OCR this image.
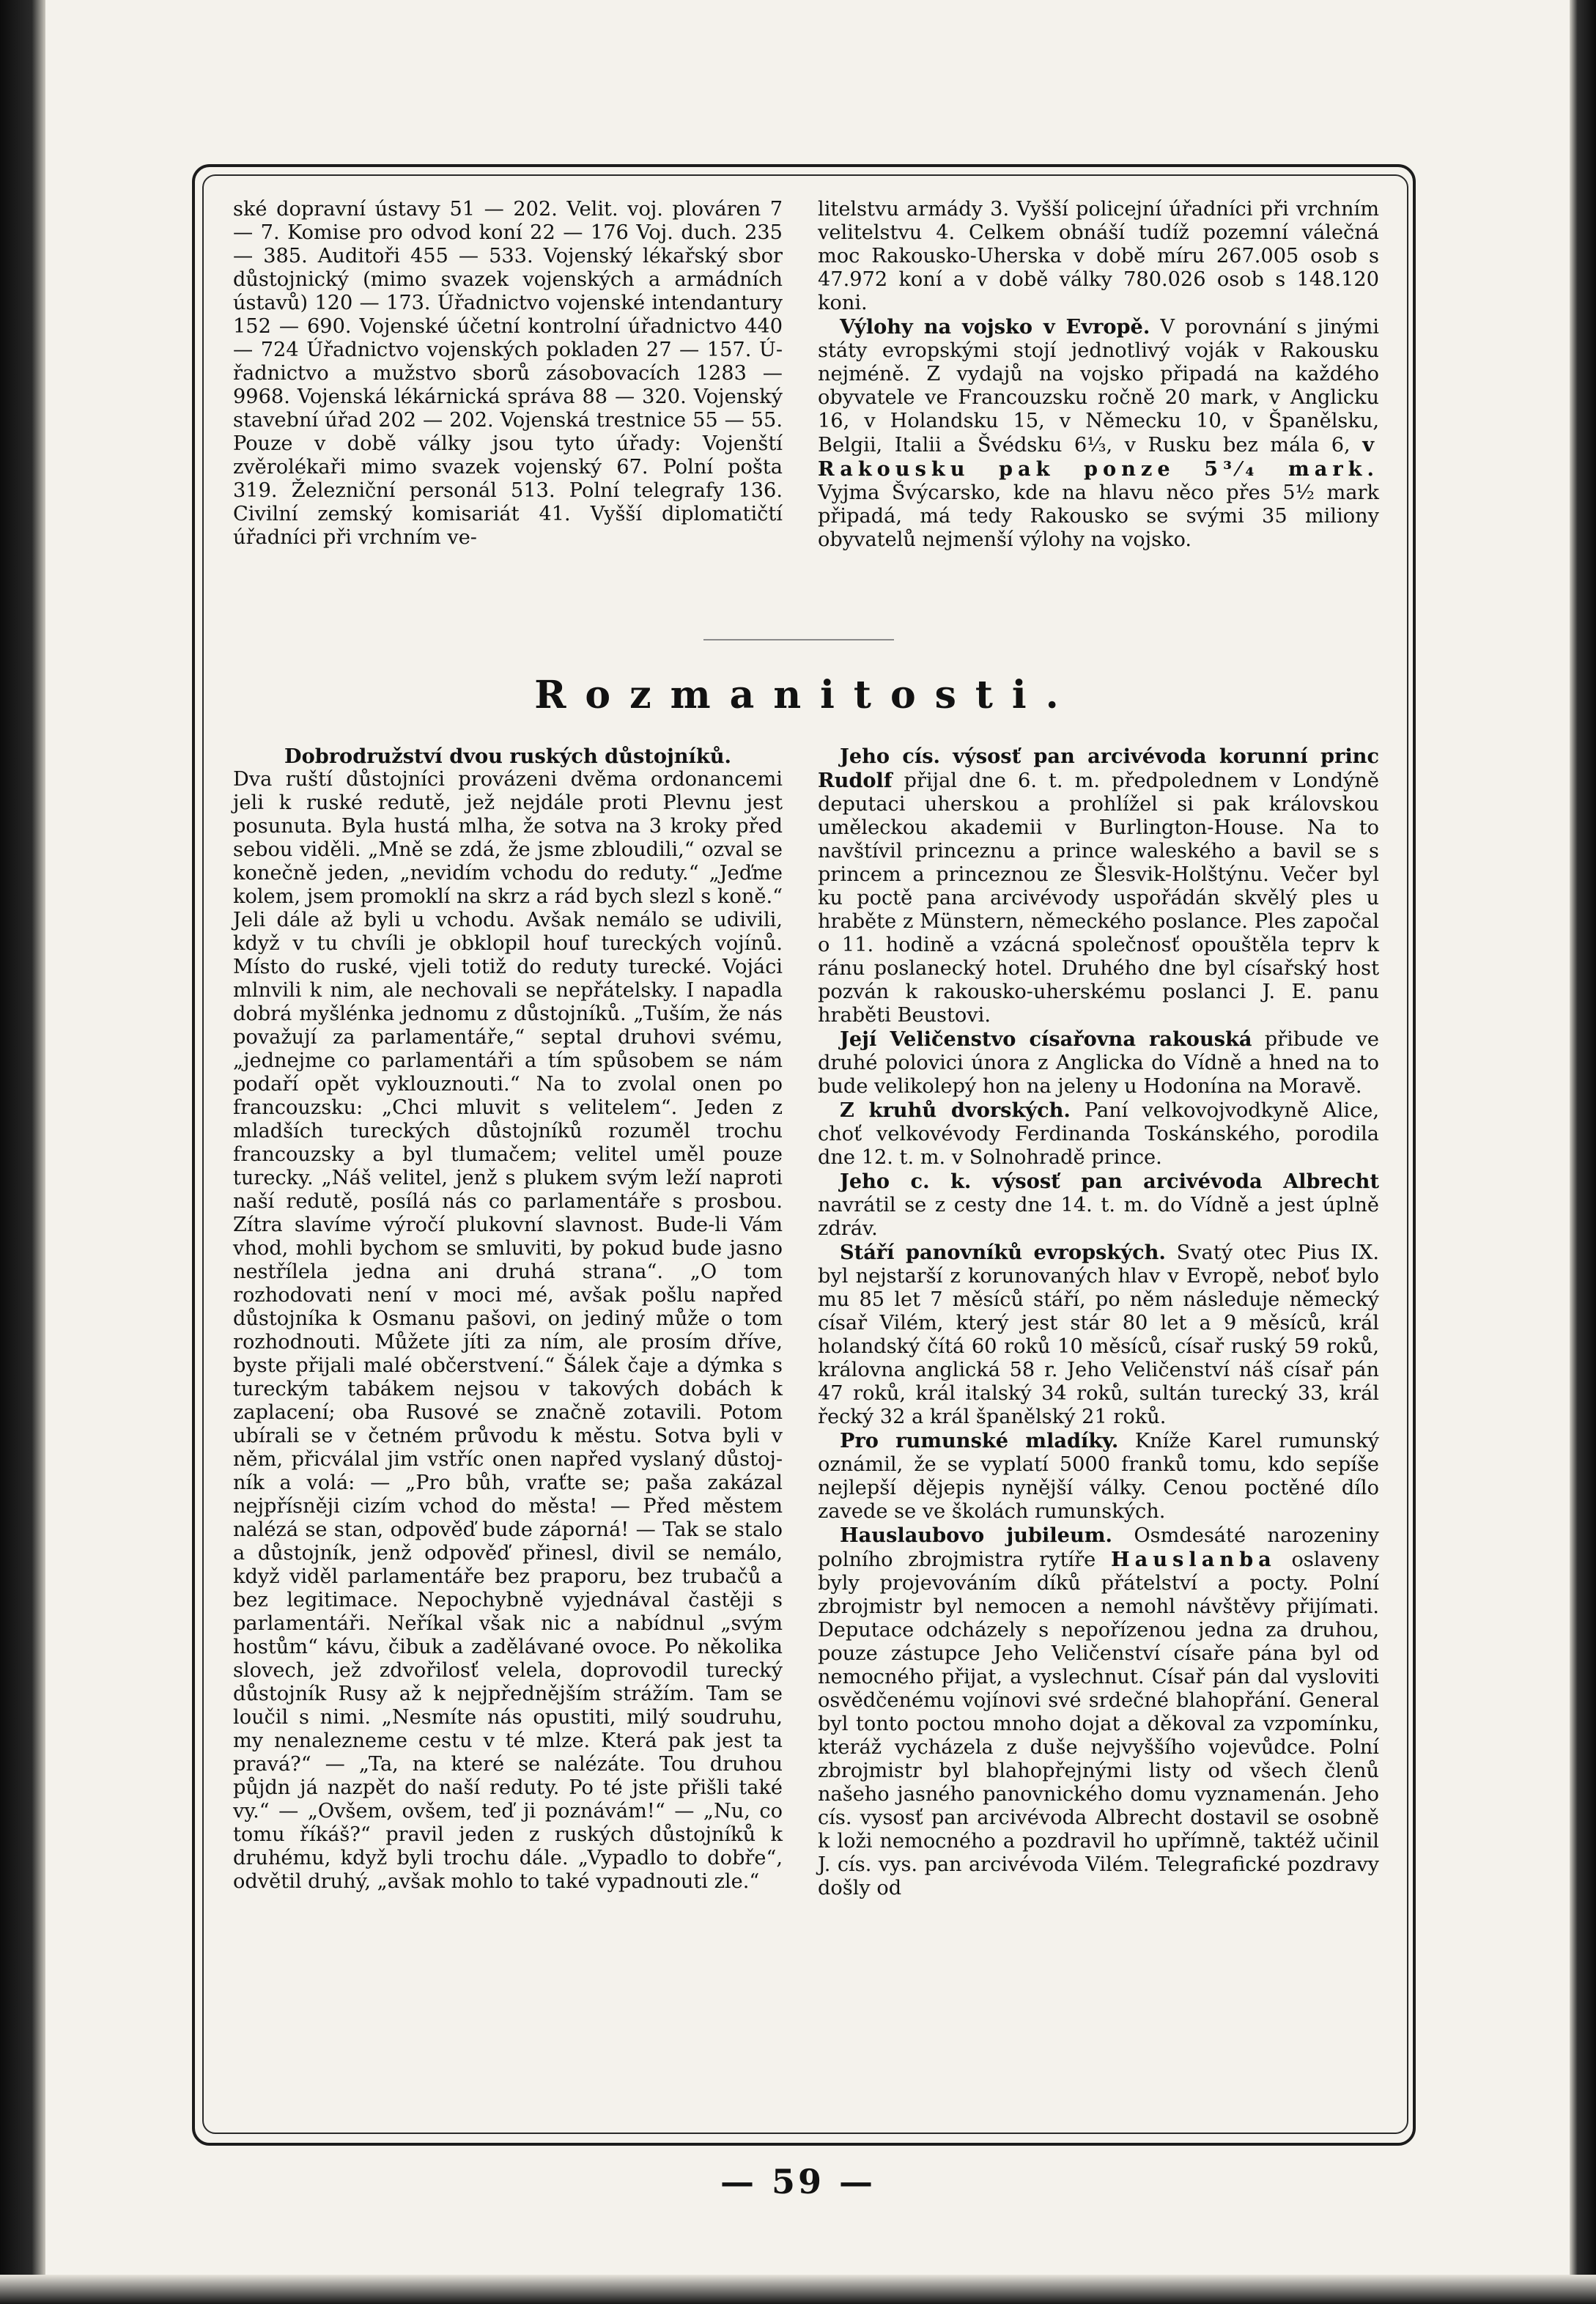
ské dopravní ústavy 51 — 202. Velit. voj. plováren 7 — 7. Komise pro odvod koní 22 — 176 Voj. duch. 235 — 385. Auditoři 455 — 533. Vojenský lékařský sbor důstojnický (mimo svazek vojenských a armádních ústavů) 120 — 173. Úřadnictvo vojenské intendantury 152 — 690. Vojenské účetní kontrolní úřadnictvo 440 — 724 Úřadnictvo vojenských pokladen 27 — 157. Úřadnictvo a mužstvo sborů zásobovacích 1283 — 9968. Vojenská lékárnická správa 88 — 320. Vojenský stavební úřad 202 — 202. Vojenská trestnice 55 — 55. Pouze v době války jsou tyto úřady: Vojenští zvěrolékaři mimo svazek vojenský 67. Polní pošta 319. Železniční personál 513. Polní telegrafy 136. Civilní zemský komisariát 41. Vyšší diplomatičtí úřadníci při vrchním ve-

litelstvu armády 3. Vyšší policejní úřadníci při vrchním velitelstvu 4. Celkem obnáší tudíž pozemní válečná moc Rakousko-Uherska v době míru 267.005 osob s 47.972 koní a v době války 780.026 osob s 148.120 koni.

Výlohy na vojsko v Evropě. V porovnání s jinými státy evropskými stojí jednotlivý voják v Rakousku nejméně. Z vydajů na vojsko připadá na každého obyvatele ve Francouzsku ročně 20 mark, v Anglicku 16, v Holandsku 15, v Německu 10, v Španělsku, Belgii, Italii a Švédsku 6¹⁄₃, v Rusku bez mála 6, v Rakousku pak ponze 5³⁄₄ mark. Vyjma Švýcarsko, kde na hlavu něco přes 5¹⁄₂ mark připadá, má tedy Rakousko se svými 35 miliony obyvatelů nejmenší výlohy na vojsko.

Rozmanitosti.

Dobrodružství dvou ruských důstojníků.

Dva ruští důstojníci provázeni dvěma ordonancemi jeli k ruské redutě, jež nejdále proti Plevnu jest posunuta. Byla hustá mlha, že sotva na 3 kroky před sebou viděli. „Mně se zdá, že jsme zbloudili,“ ozval se konečně jeden, „nevidím vchodu do reduty.“ „Jeďme kolem, jsem promoklí na skrz a rád bych slezl s koně.“ Jeli dále až byli u vchodu. Avšak nemálo se udivili, když v tu chvíli je obklopil houf tureckých vojínů. Místo do ruské, vjeli totiž do reduty turecké. Vojáci mlnvili k nim, ale nechovali se nepřátelsky. I napadla dobrá myšlénka jednomu z důstojníků. „Tuším, že nás považují za parlamentáře,“ septal druhovi svému, „jednejme co parlamentáři a tím spůsobem se nám podaří opět vyklouznouti.“ Na to zvolal onen po francouzsku: „Chci mluvit s velitelem“. Jeden z mladších tureckých důstojníků rozuměl trochu francouzsky a byl tlumačem; velitel uměl pouze turecky. „Náš velitel, jenž s plukem svým leží naproti naší redutě, posílá nás co parlamentáře s prosbou. Zítra slavíme výročí plukovní slavnost. Bude-li Vám vhod, mohli bychom se smluviti, by pokud bude jasno nestřílela jedna ani druhá strana“. „O tom rozhodovati není v moci mé, avšak pošlu napřed důstojníka k Osmanu pašovi, on jediný může o tom rozhodnouti. Můžete jíti za ním, ale prosím dříve, byste přijali malé občerstvení.“ Šálek čaje a dýmka s tureckým tabákem nejsou v takových dobách k zaplacení; oba Rusové se značně zotavili. Potom ubírali se v četném průvodu k městu. Sotva byli v něm, přicválal jim vstříc onen napřed vyslaný důstojník a volá: — „Pro bůh, vraťte se; paša zakázal nejpřísněji cizím vchod do města! — Před městem nalézá se stan, odpověď bude záporná! — Tak se stalo a důstojník, jenž odpověď přinesl, divil se nemálo, když viděl parlamentáře bez praporu, bez trubačů a bez legitimace. Nepochybně vyjednával častěji s parlamentáři. Neříkal však nic a nabídnul „svým hostům“ kávu, čibuk a zadělávané ovoce. Po několika slovech, jež zdvořilosť velela, doprovodil turecký důstojník Rusy až k nejpřednějším strážím. Tam se loučil s nimi. „Nesmíte nás opustiti, milý soudruhu, my nenalezneme cestu v té mlze. Která pak jest ta pravá?“ — „Ta, na které se nalézáte. Tou druhou půjdn já nazpět do naší reduty. Po té jste přišli také vy.“ — „Ovšem, ovšem, teď ji poznávám!“ — „Nu, co tomu říkáš?“ pravil jeden z ruských důstojníků k druhému, když byli trochu dále. „Vypadlo to dobře“, odvětil druhý, „avšak mohlo to také vypadnouti zle.“

Jeho cís. výsosť pan arcivévoda korunní princ Rudolf přijal dne 6. t. m. předpolednem v Londýně deputaci uherskou a prohlížel si pak královskou uměleckou akademii v Burlington-House. Na to navštívil princeznu a prince waleského a bavil se s princem a princeznou ze Šlesvik-Holštýnu. Večer byl ku poctě pana arcivévody uspořádán skvělý ples u hraběte z Münstern, německého poslance. Ples započal o 11. hodině a vzácná společnosť opouštěla teprv k ránu poslanecký hotel. Druhého dne byl císařský host pozván k rakousko-uherskému poslanci J. E. panu hraběti Beustovi.

Její Veličenstvo císařovna rakouská přibude ve druhé polovici února z Anglicka do Vídně a hned na to bude velikolepý hon na jeleny u Hodonína na Moravě.

Z kruhů dvorských. Paní velkovojvodkyně Alice, choť velkovévody Ferdinanda Toskánského, porodila dne 12. t. m. v Solnohradě prince.

Jeho c. k. výsosť pan arcivévoda Albrecht navrátil se z cesty dne 14. t. m. do Vídně a jest úplně zdráv.

Stáří panovníků evropských. Svatý otec Pius IX. byl nejstarší z korunovaných hlav v Evropě, neboť bylo mu 85 let 7 měsíců stáří, po něm následuje německý císař Vilém, který jest stár 80 let a 9 měsíců, král holandský čítá 60 roků 10 měsíců, císař ruský 59 roků, královna anglická 58 r. Jeho Veličenství náš císař pán 47 roků, král italský 34 roků, sultán turecký 33, král řecký 32 a král španělský 21 roků.

Pro rumunské mladíky. Kníže Karel rumunský oznámil, že se vyplatí 5000 franků tomu, kdo sepíše nejlepší dějepis nynější války. Cenou poctěné dílo zavede se ve školách rumunských.

Hauslaubovo jubileum. Osmdesáté narozeniny polního zbrojmistra rytíře Hauslanba oslaveny byly projevováním díků přátelství a pocty. Polní zbrojmistr byl nemocen a nemohl návštěvy přijímati. Deputace odcházely s nepořízenou jedna za druhou, pouze zástupce Jeho Veličenství císaře pána byl od nemocného přijat, a vyslechnut. Císař pán dal vysloviti osvědčenému vojínovi své srdečné blahopřání. General byl tonto poctou mnoho dojat a děkoval za vzpomínku, kteráž vycházela z duše nejvyššího vojevůdce. Polní zbrojmistr byl blahopřejnými listy od všech členů našeho jasného panovnického domu vyznamenán. Jeho cís. vysosť pan arcivévoda Albrecht dostavil se osobně k loži nemocného a pozdravil ho upřímně, taktéž učinil J. cís. vys. pan arcivévoda Vilém. Telegrafické pozdravy došly od

— 59 —
